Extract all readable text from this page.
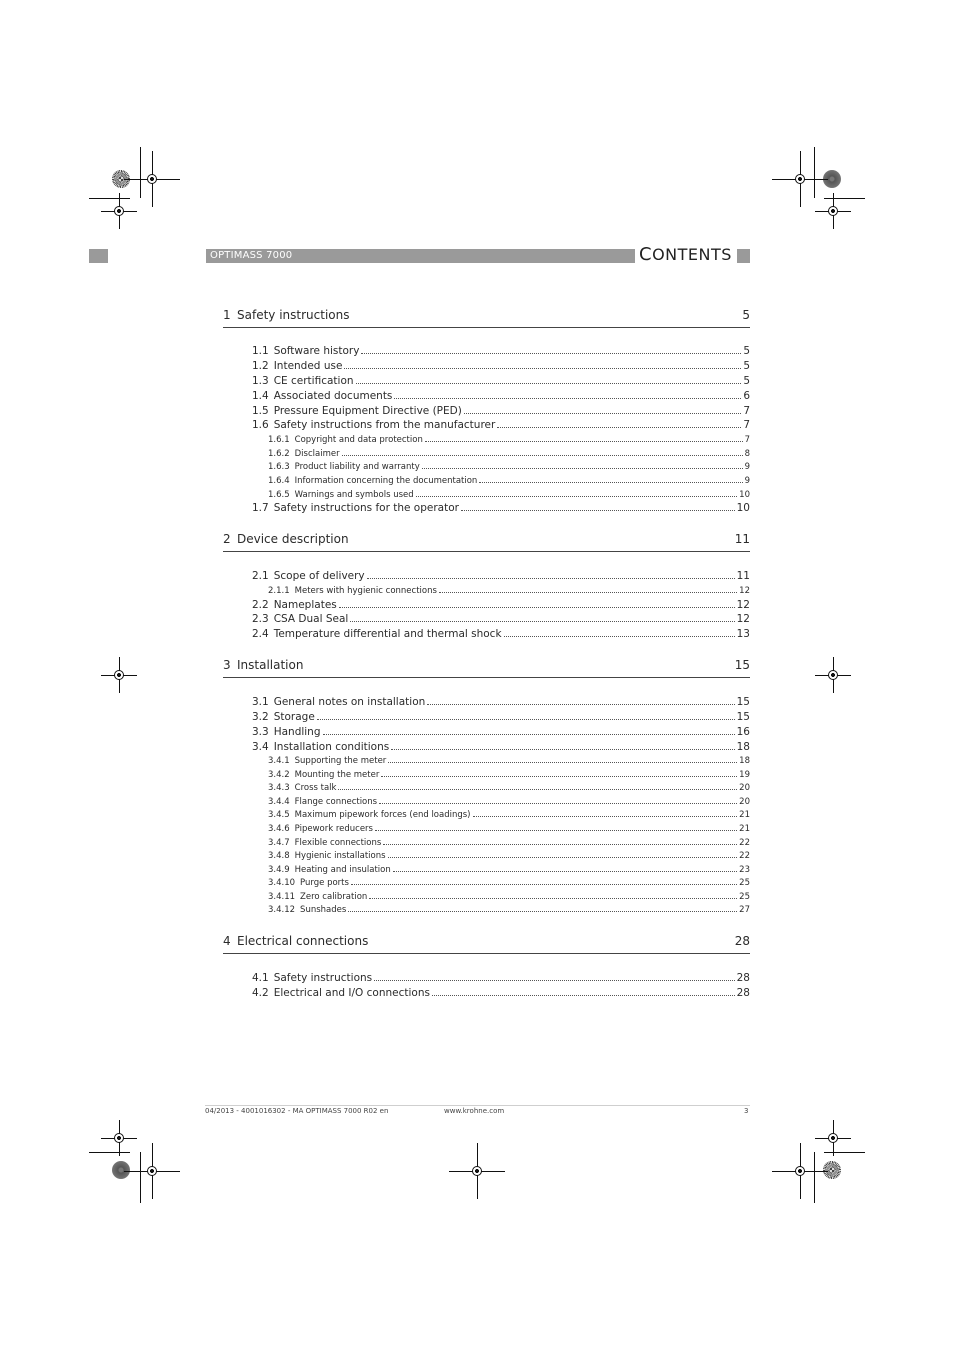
OPTIMASS 7000	CONTENTS
1 Safety instructions	5
1.1 Software history	5
1.2 Intended use	5
1.3 CE certification	5
1.4 Associated documents	6
1.5 Pressure Equipment Directive (PED)	7
1.6 Safety instructions from the manufacturer	7
1.6.1 Copyright and data protection	7
1.6.2 Disclaimer	8
1.6.3 Product liability and warranty	9
1.6.4 Information concerning the documentation	9
1.6.5 Warnings and symbols used	10
1.7 Safety instructions for the operator	10
2 Device description	11
2.1 Scope of delivery	11
2.1.1 Meters with hygienic connections	12
2.2 Nameplates	12
2.3 CSA Dual Seal	12
2.4 Temperature differential and thermal shock	13
3 Installation	15
3.1 General notes on installation	15
3.2 Storage	15
3.3 Handling	16
3.4 Installation conditions	18
3.4.1 Supporting the meter	18
3.4.2 Mounting the meter	19
3.4.3 Cross talk	20
3.4.4 Flange connections	20
3.4.5 Maximum pipework forces (end loadings)	21
3.4.6 Pipework reducers	21
3.4.7 Flexible connections	22
3.4.8 Hygienic installations	22
3.4.9 Heating and insulation	23
3.4.10 Purge ports	25
3.4.11 Zero calibration	25
3.4.12 Sunshades	27
4 Electrical connections	28
4.1 Safety instructions	28
4.2 Electrical and I/O connections	28
04/2013 - 4001016302 - MA OPTIMASS 7000 R02 en	www.krohne.com	3
